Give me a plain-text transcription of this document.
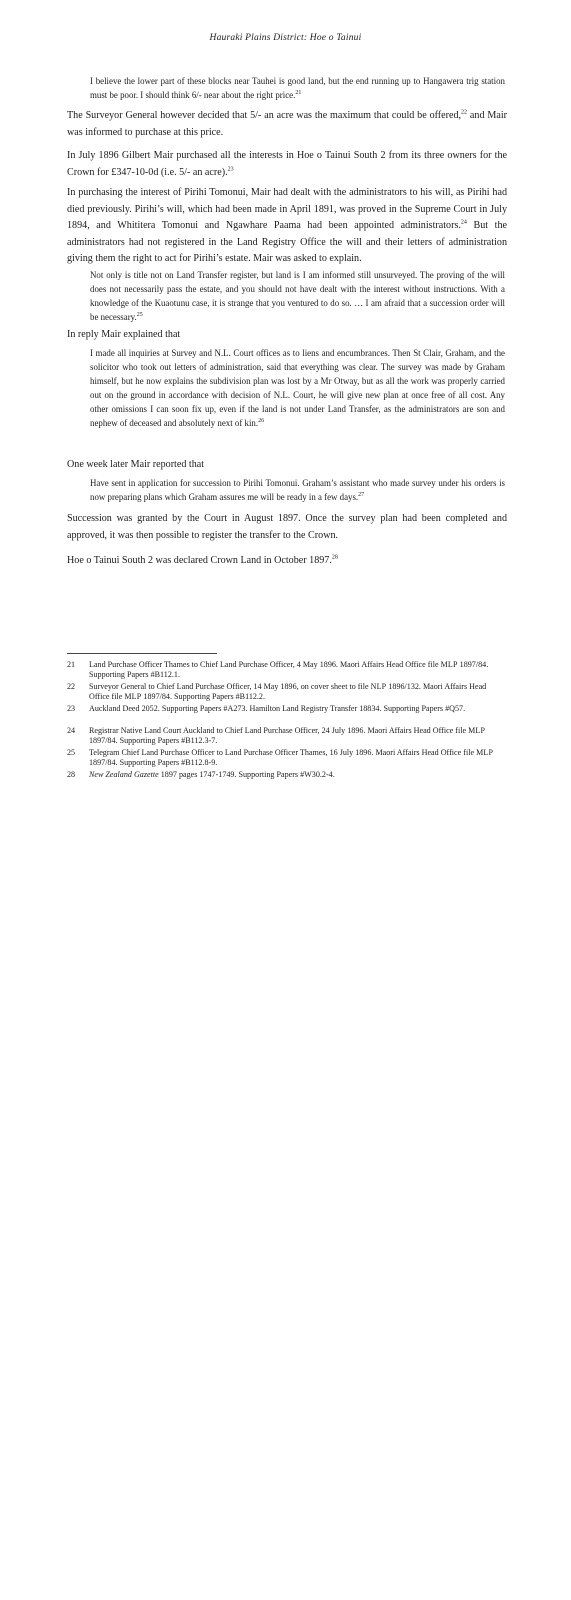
Hauraki Plains District: Hoe o Tainui
I believe the lower part of these blocks near Tauhei is good land, but the end running up to Hangawera trig station must be poor. I should think 6/- near about the right price.$^{21}$
The Surveyor General however decided that 5/- an acre was the maximum that could be offered,$^{22}$ and Mair was informed to purchase at this price.
In July 1896 Gilbert Mair purchased all the interests in Hoe o Tainui South 2 from its three owners for the Crown for £347-10-0d (i.e. 5/- an acre).$^{23}$
In purchasing the interest of Pirihi Tomonui, Mair had dealt with the administrators to his will, as Pirihi had died previously. Pirihi’s will, which had been made in April 1891, was proved in the Supreme Court in July 1894, and Whititera Tomonui and Ngawhare Paama had been appointed administrators.$^{24}$ But the administrators had not registered in the Land Registry Office the will and their letters of administration giving them the right to act for Pirihi’s estate. Mair was asked to explain.
Not only is title not on Land Transfer register, but land is I am informed still unsurveyed. The proving of the will does not necessarily pass the estate, and you should not have dealt with the interest without instructions. With a knowledge of the Kuaotunu case, it is strange that you ventured to do so. … I am afraid that a succession order will be necessary.$^{25}$
In reply Mair explained that
I made all inquiries at Survey and N.L. Court offices as to liens and encumbrances. Then St Clair, Graham, and the solicitor who took out letters of administration, said that everything was clear. The survey was made by Graham himself, but he now explains the subdivision plan was lost by a Mr Otway, but as all the work was properly carried out on the ground in accordance with decision of N.L. Court, he will give new plan at once free of all cost. Any other omissions I can soon fix up, even if the land is not under Land Transfer, as the administrators are son and nephew of deceased and absolutely next of kin.$^{26}$
One week later Mair reported that
Have sent in application for succession to Pirihi Tomonui. Graham’s assistant who made survey under his orders is now preparing plans which Graham assures me will be ready in a few days.$^{27}$
Succession was granted by the Court in August 1897. Once the survey plan had been completed and approved, it was then possible to register the transfer to the Crown.
Hoe o Tainui South 2 was declared Crown Land in October 1897.28
21	Land Purchase Officer Thames to Chief Land Purchase Officer, 4 May 1896. Maori Affairs Head Office file MLP 1897/84. Supporting Papers #B112.1.
22	Surveyor General to Chief Land Purchase Officer, 14 May 1896, on cover sheet to file NLP 1896/132. Maori Affairs Head Office file MLP 1897/84. Supporting Papers #B112.2.
23	Auckland Deed 2052. Supporting Papers #A273. Hamilton Land Registry Transfer 18834. Supporting Papers #Q57.
24	Registrar Native Land Court Auckland to Chief Land Purchase Officer, 24 July 1896. Maori Affairs Head Office file MLP 1897/84. Supporting Papers #B112.3-7.
25	Telegram Chief Land Purchase Officer to Land Purchase Officer Thames, 16 July 1896. Maori Affairs Head Office file MLP 1897/84. Supporting Papers #B112.8-9.
28	New Zealand Gazette 1897 pages 1747-1749. Supporting Papers #W30.2-4.
